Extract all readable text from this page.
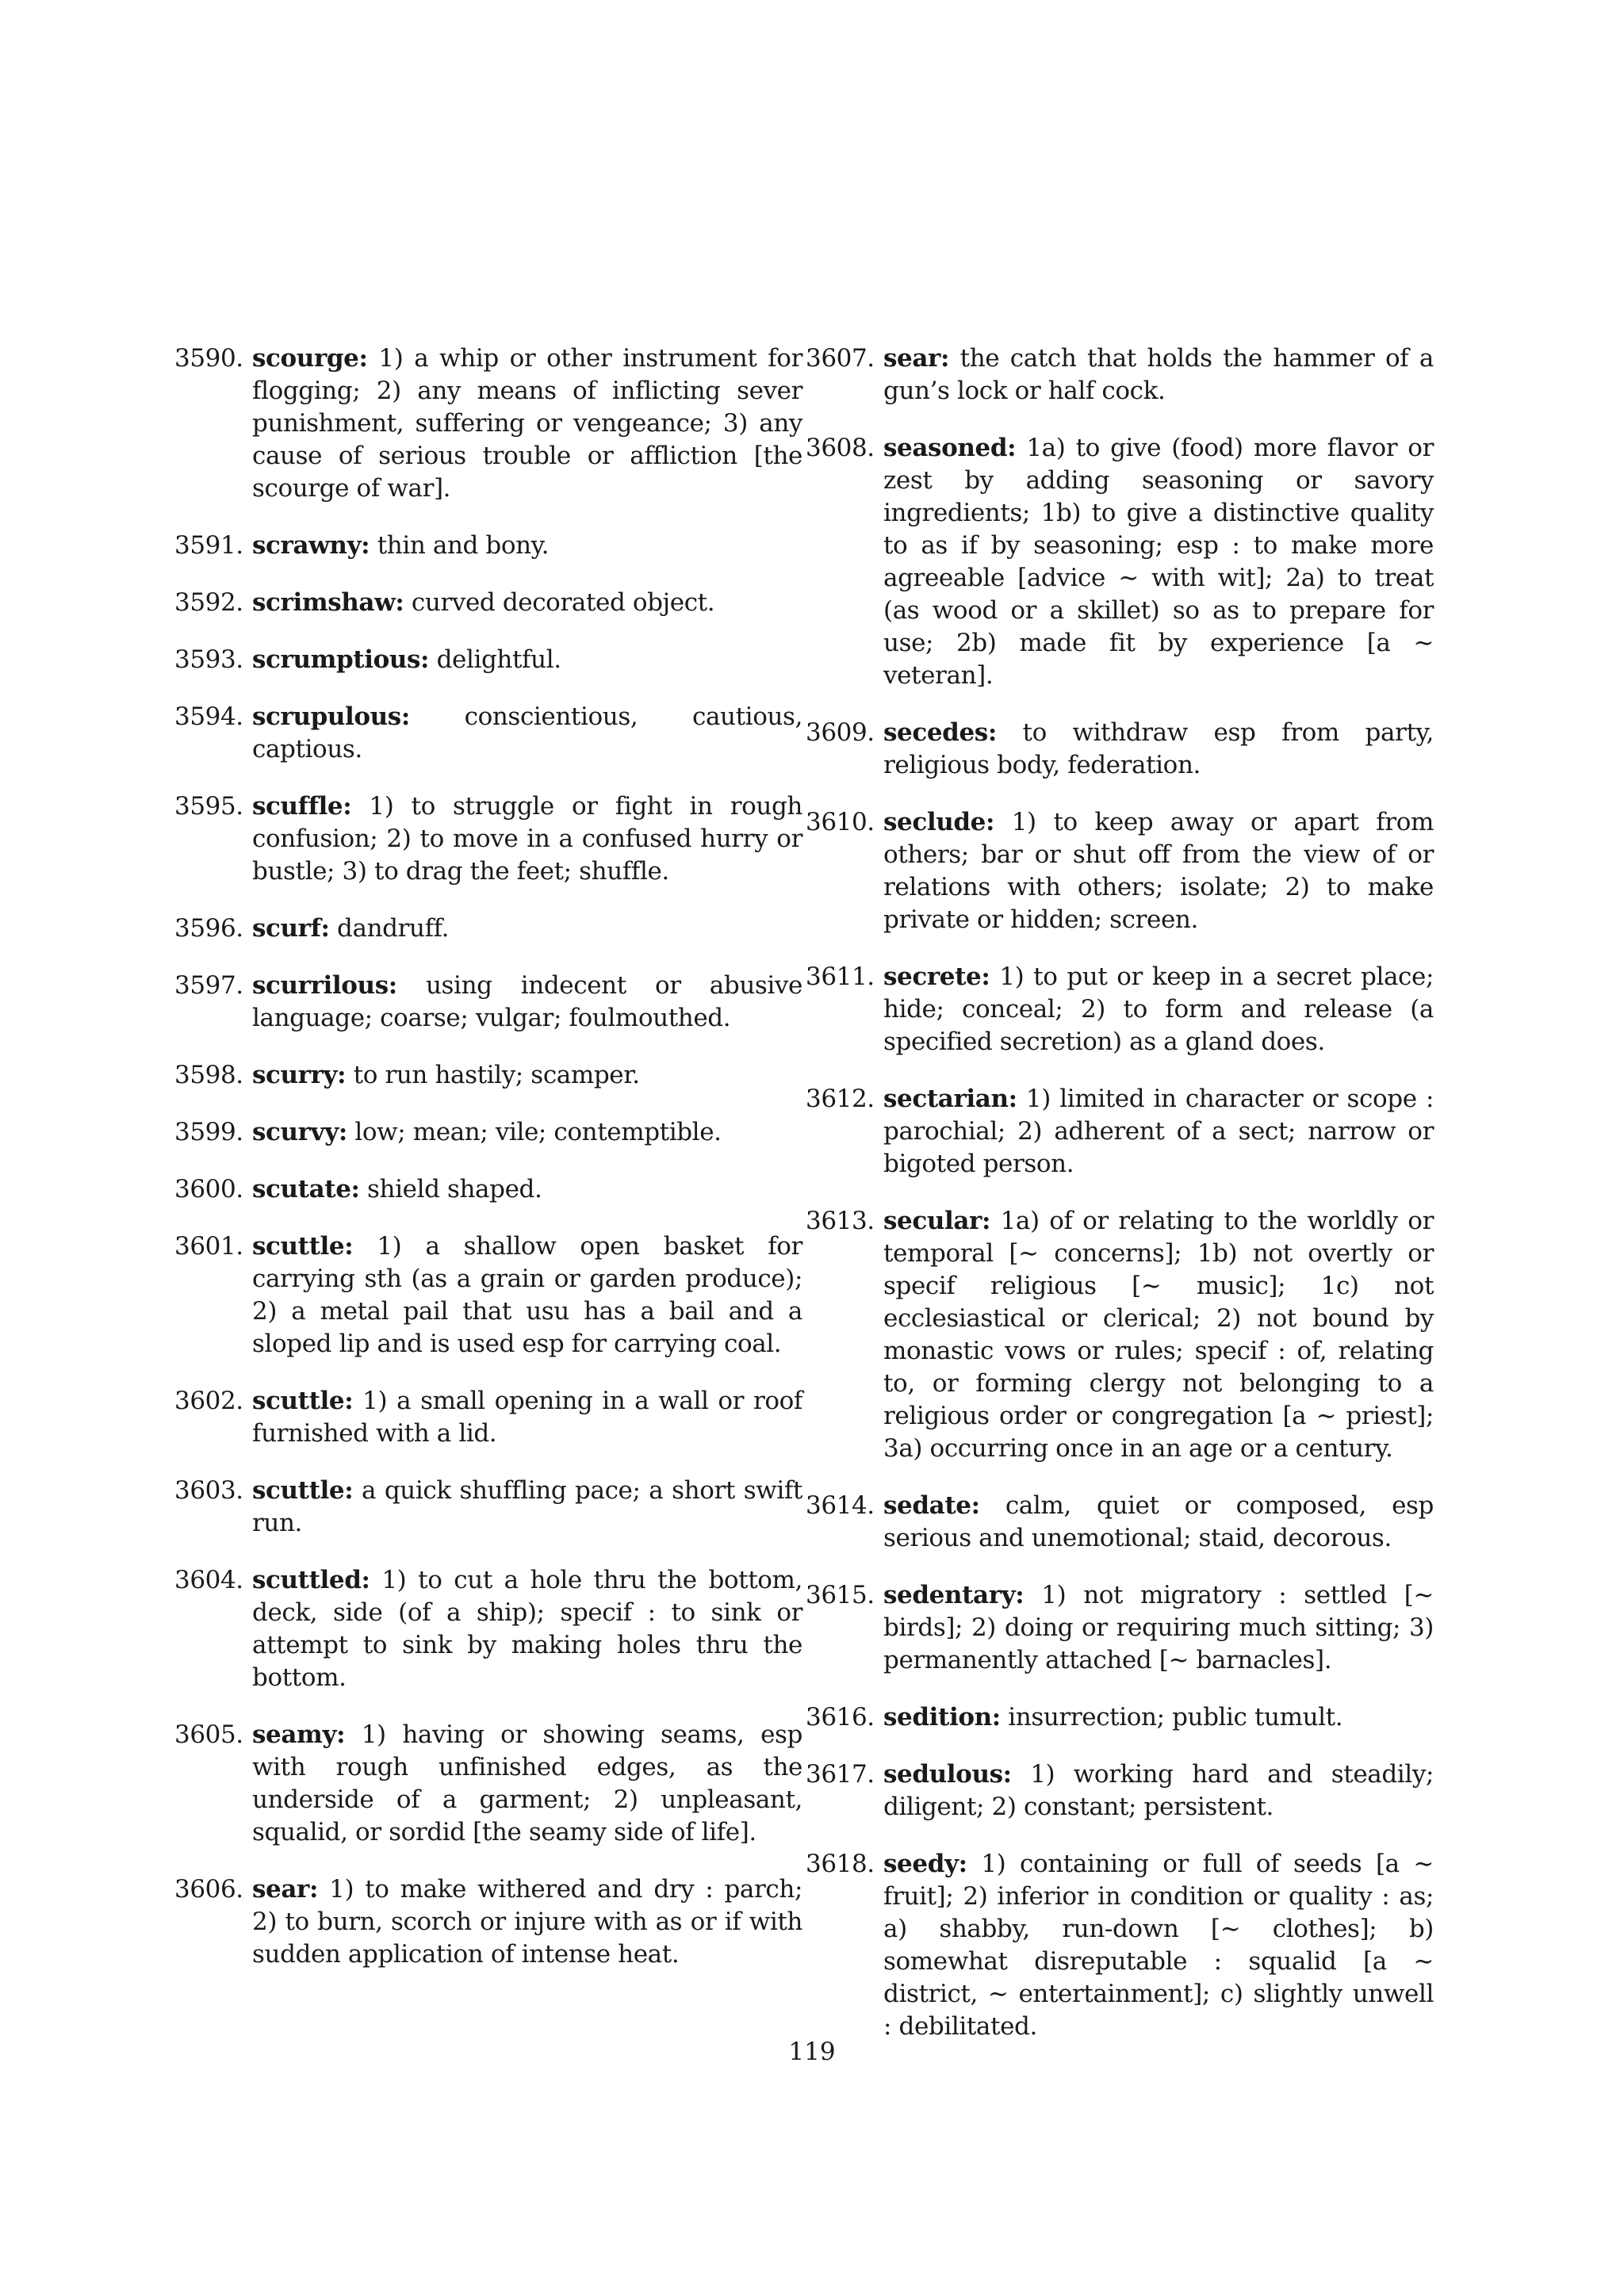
3590. scourge: 1) a whip or other instrument for flogging; 2) any means of inflicting sever punishment, suffering or vengeance; 3) any cause of serious trouble or affliction [the scourge of war].
3591. scrawny: thin and bony.
3592. scrimshaw: curved decorated object.
3593. scrumptious: delightful.
3594. scrupulous: conscientious, cautious, captious.
3595. scuffle: 1) to struggle or fight in rough confusion; 2) to move in a confused hurry or bustle; 3) to drag the feet; shuffle.
3596. scurf: dandruff.
3597. scurrilous: using indecent or abusive language; coarse; vulgar; foulmouthed.
3598. scurry: to run hastily; scamper.
3599. scurvy: low; mean; vile; contemptible.
3600. scutate: shield shaped.
3601. scuttle: 1) a shallow open basket for carrying sth (as a grain or garden produce); 2) a metal pail that usu has a bail and a sloped lip and is used esp for carrying coal.
3602. scuttle: 1) a small opening in a wall or roof furnished with a lid.
3603. scuttle: a quick shuffling pace; a short swift run.
3604. scuttled: 1) to cut a hole thru the bottom, deck, side (of a ship); specif : to sink or attempt to sink by making holes thru the bottom.
3605. seamy: 1) having or showing seams, esp with rough unfinished edges, as the underside of a garment; 2) unpleasant, squalid, or sordid [the seamy side of life].
3606. sear: 1) to make withered and dry : parch; 2) to burn, scorch or injure with as or if with sudden application of intense heat.
3607. sear: the catch that holds the hammer of a gun’s lock or half cock.
3608. seasoned: 1a) to give (food) more flavor or zest by adding seasoning or savory ingredients; 1b) to give a distinctive quality to as if by seasoning; esp : to make more agreeable [advice ∼ with wit]; 2a) to treat (as wood or a skillet) so as to prepare for use; 2b) made fit by experience [a ∼ veteran].
3609. secedes: to withdraw esp from party, religious body, federation.
3610. seclude: 1) to keep away or apart from others; bar or shut off from the view of or relations with others; isolate; 2) to make private or hidden; screen.
3611. secrete: 1) to put or keep in a secret place; hide; conceal; 2) to form and release (a specified secretion) as a gland does.
3612. sectarian: 1) limited in character or scope : parochial; 2) adherent of a sect; narrow or bigoted person.
3613. secular: 1a) of or relating to the worldly or temporal [∼ concerns]; 1b) not overtly or specif religious [∼ music]; 1c) not ecclesiastical or clerical; 2) not bound by monastic vows or rules; specif : of, relating to, or forming clergy not belonging to a religious order or congregation [a ∼ priest]; 3a) occurring once in an age or a century.
3614. sedate: calm, quiet or composed, esp serious and unemotional; staid, decorous.
3615. sedentary: 1) not migratory : settled [∼ birds]; 2) doing or requiring much sitting; 3) permanently attached [∼ barnacles].
3616. sedition: insurrection; public tumult.
3617. sedulous: 1) working hard and steadily; diligent; 2) constant; persistent.
3618. seedy: 1) containing or full of seeds [a ∼ fruit]; 2) inferior in condition or quality : as; a) shabby, run-down [∼ clothes]; b) somewhat disreputable : squalid [a ∼ district, ∼ entertainment]; c) slightly unwell : debilitated.
119
